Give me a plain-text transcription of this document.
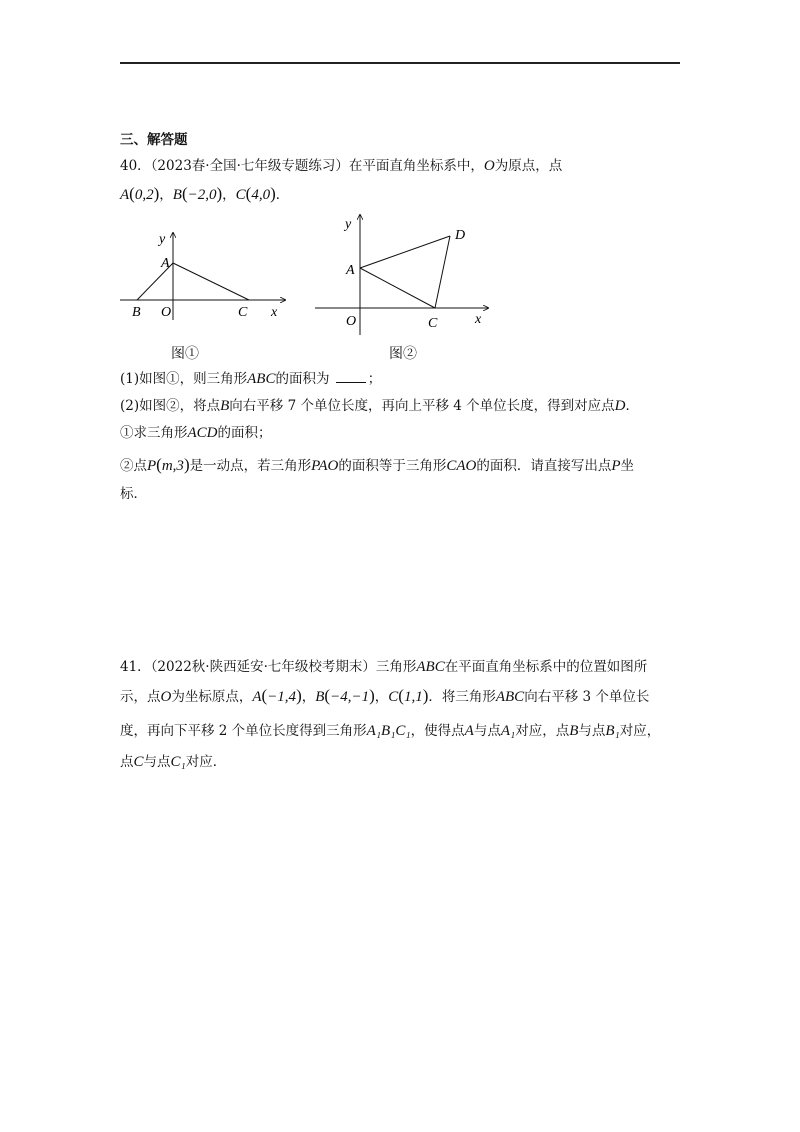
三、解答题
40．（2023春·全国·七年级专题练习）在平面直角坐标系中，O为原点，点
A(0,2)，B(−2,0)，C(4,0)．
y
A
B O	C x
图①
y
D
A
O	C	x
图②
(1)如图①，则三角形ABC的面积为	；
(2)如图②，将点B向右平移 7 个单位长度，再向上平移 4 个单位长度，得到对应点D．
①求三角形ACD的面积；
②点P(m,3)是一动点，若三角形PAO的面积等于三角形CAO的面积．请直接写出点P坐
标．
41．（2022秋·陕西延安·七年级校考期末）三角形ABC在平面直角坐标系中的位置如图所
示，点O为坐标原点，A(−1,4)，B(−4,−1)，C(1,1)．将三角形ABC向右平移 3 个单位长
度，再向下平移 2 个单位长度得到三角形A₁B₁C₁，使得点A与点A₁对应，点B与点B₁对应，
点C与点C₁对应．
